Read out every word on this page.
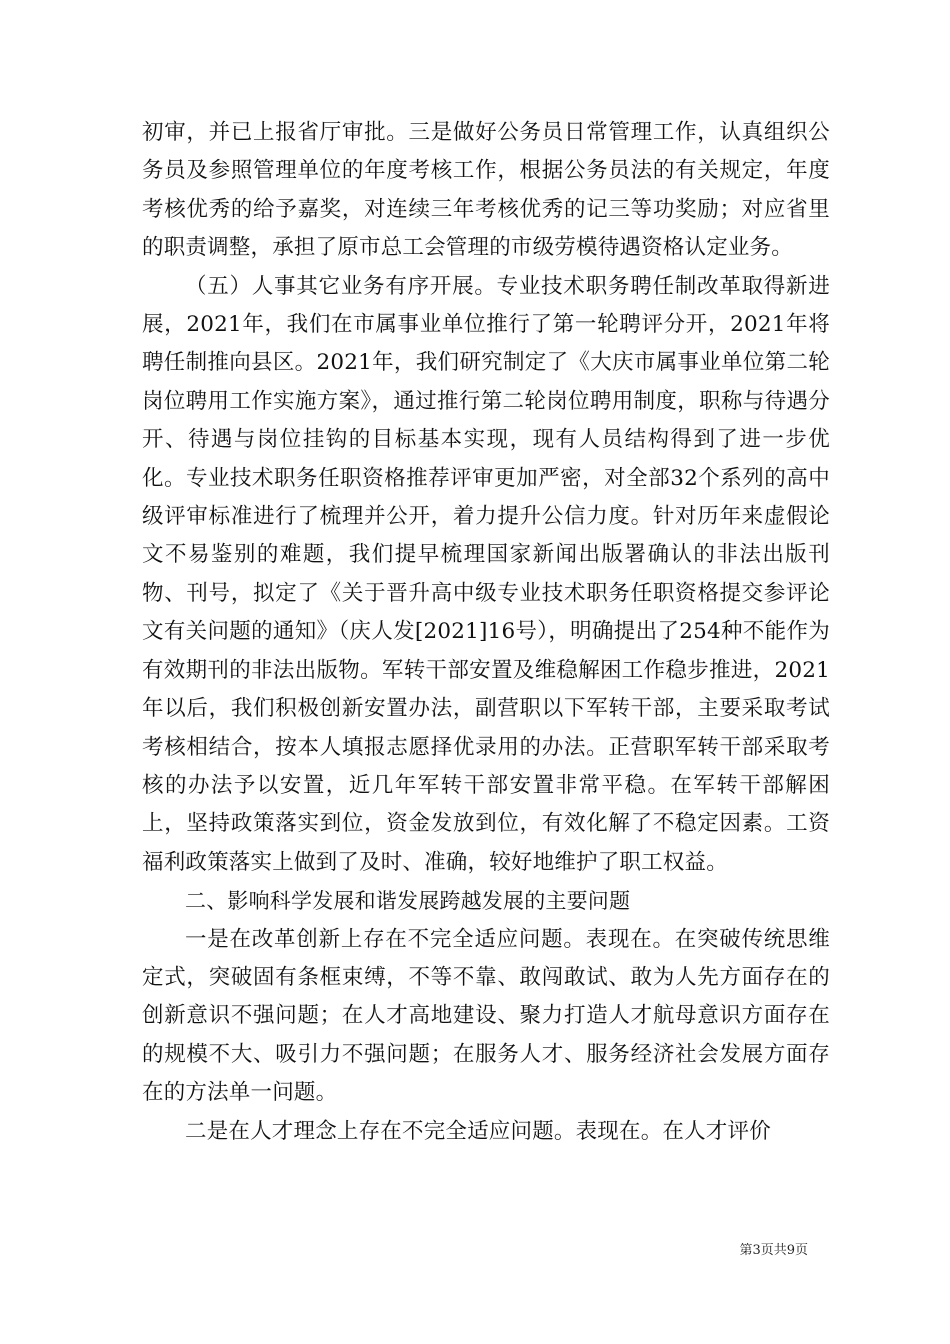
初审，并已上报省厅审批。三是做好公务员日常管理工作，认真组织公务员及参照管理单位的年度考核工作，根据公务员法的有关规定，年度考核优秀的给予嘉奖，对连续三年考核优秀的记三等功奖励；对应省里的职责调整，承担了原市总工会管理的市级劳模待遇资格认定业务。

（五）人事其它业务有序开展。专业技术职务聘任制改革取得新进展，2021年，我们在市属事业单位推行了第一轮聘评分开，2021年将聘任制推向县区。2021年，我们研究制定了《大庆市属事业单位第二轮岗位聘用工作实施方案》，通过推行第二轮岗位聘用制度，职称与待遇分开、待遇与岗位挂钩的目标基本实现，现有人员结构得到了进一步优化。专业技术职务任职资格推荐评审更加严密，对全部32个系列的高中级评审标准进行了梳理并公开，着力提升公信力度。针对历年来虚假论文不易鉴别的难题，我们提早梳理国家新闻出版署确认的非法出版刊物、刊号，拟定了《关于晋升高中级专业技术职务任职资格提交参评论文有关问题的通知》（庆人发[2021]16号），明确提出了254种不能作为有效期刊的非法出版物。军转干部安置及维稳解困工作稳步推进，2021年以后，我们积极创新安置办法，副营职以下军转干部，主要采取考试考核相结合，按本人填报志愿择优录用的办法。正营职军转干部采取考核的办法予以安置，近几年军转干部安置非常平稳。在军转干部解困上，坚持政策落实到位，资金发放到位，有效化解了不稳定因素。工资福利政策落实上做到了及时、准确，较好地维护了职工权益。

二、影响科学发展和谐发展跨越发展的主要问题

一是在改革创新上存在不完全适应问题。表现在。在突破传统思维定式，突破固有条框束缚，不等不靠、敢闯敢试、敢为人先方面存在的创新意识不强问题；在人才高地建设、聚力打造人才航母意识方面存在的规模不大、吸引力不强问题；在服务人才、服务经济社会发展方面存在的方法单一问题。

二是在人才理念上存在不完全适应问题。表现在。在人才评价

第3页共9页
